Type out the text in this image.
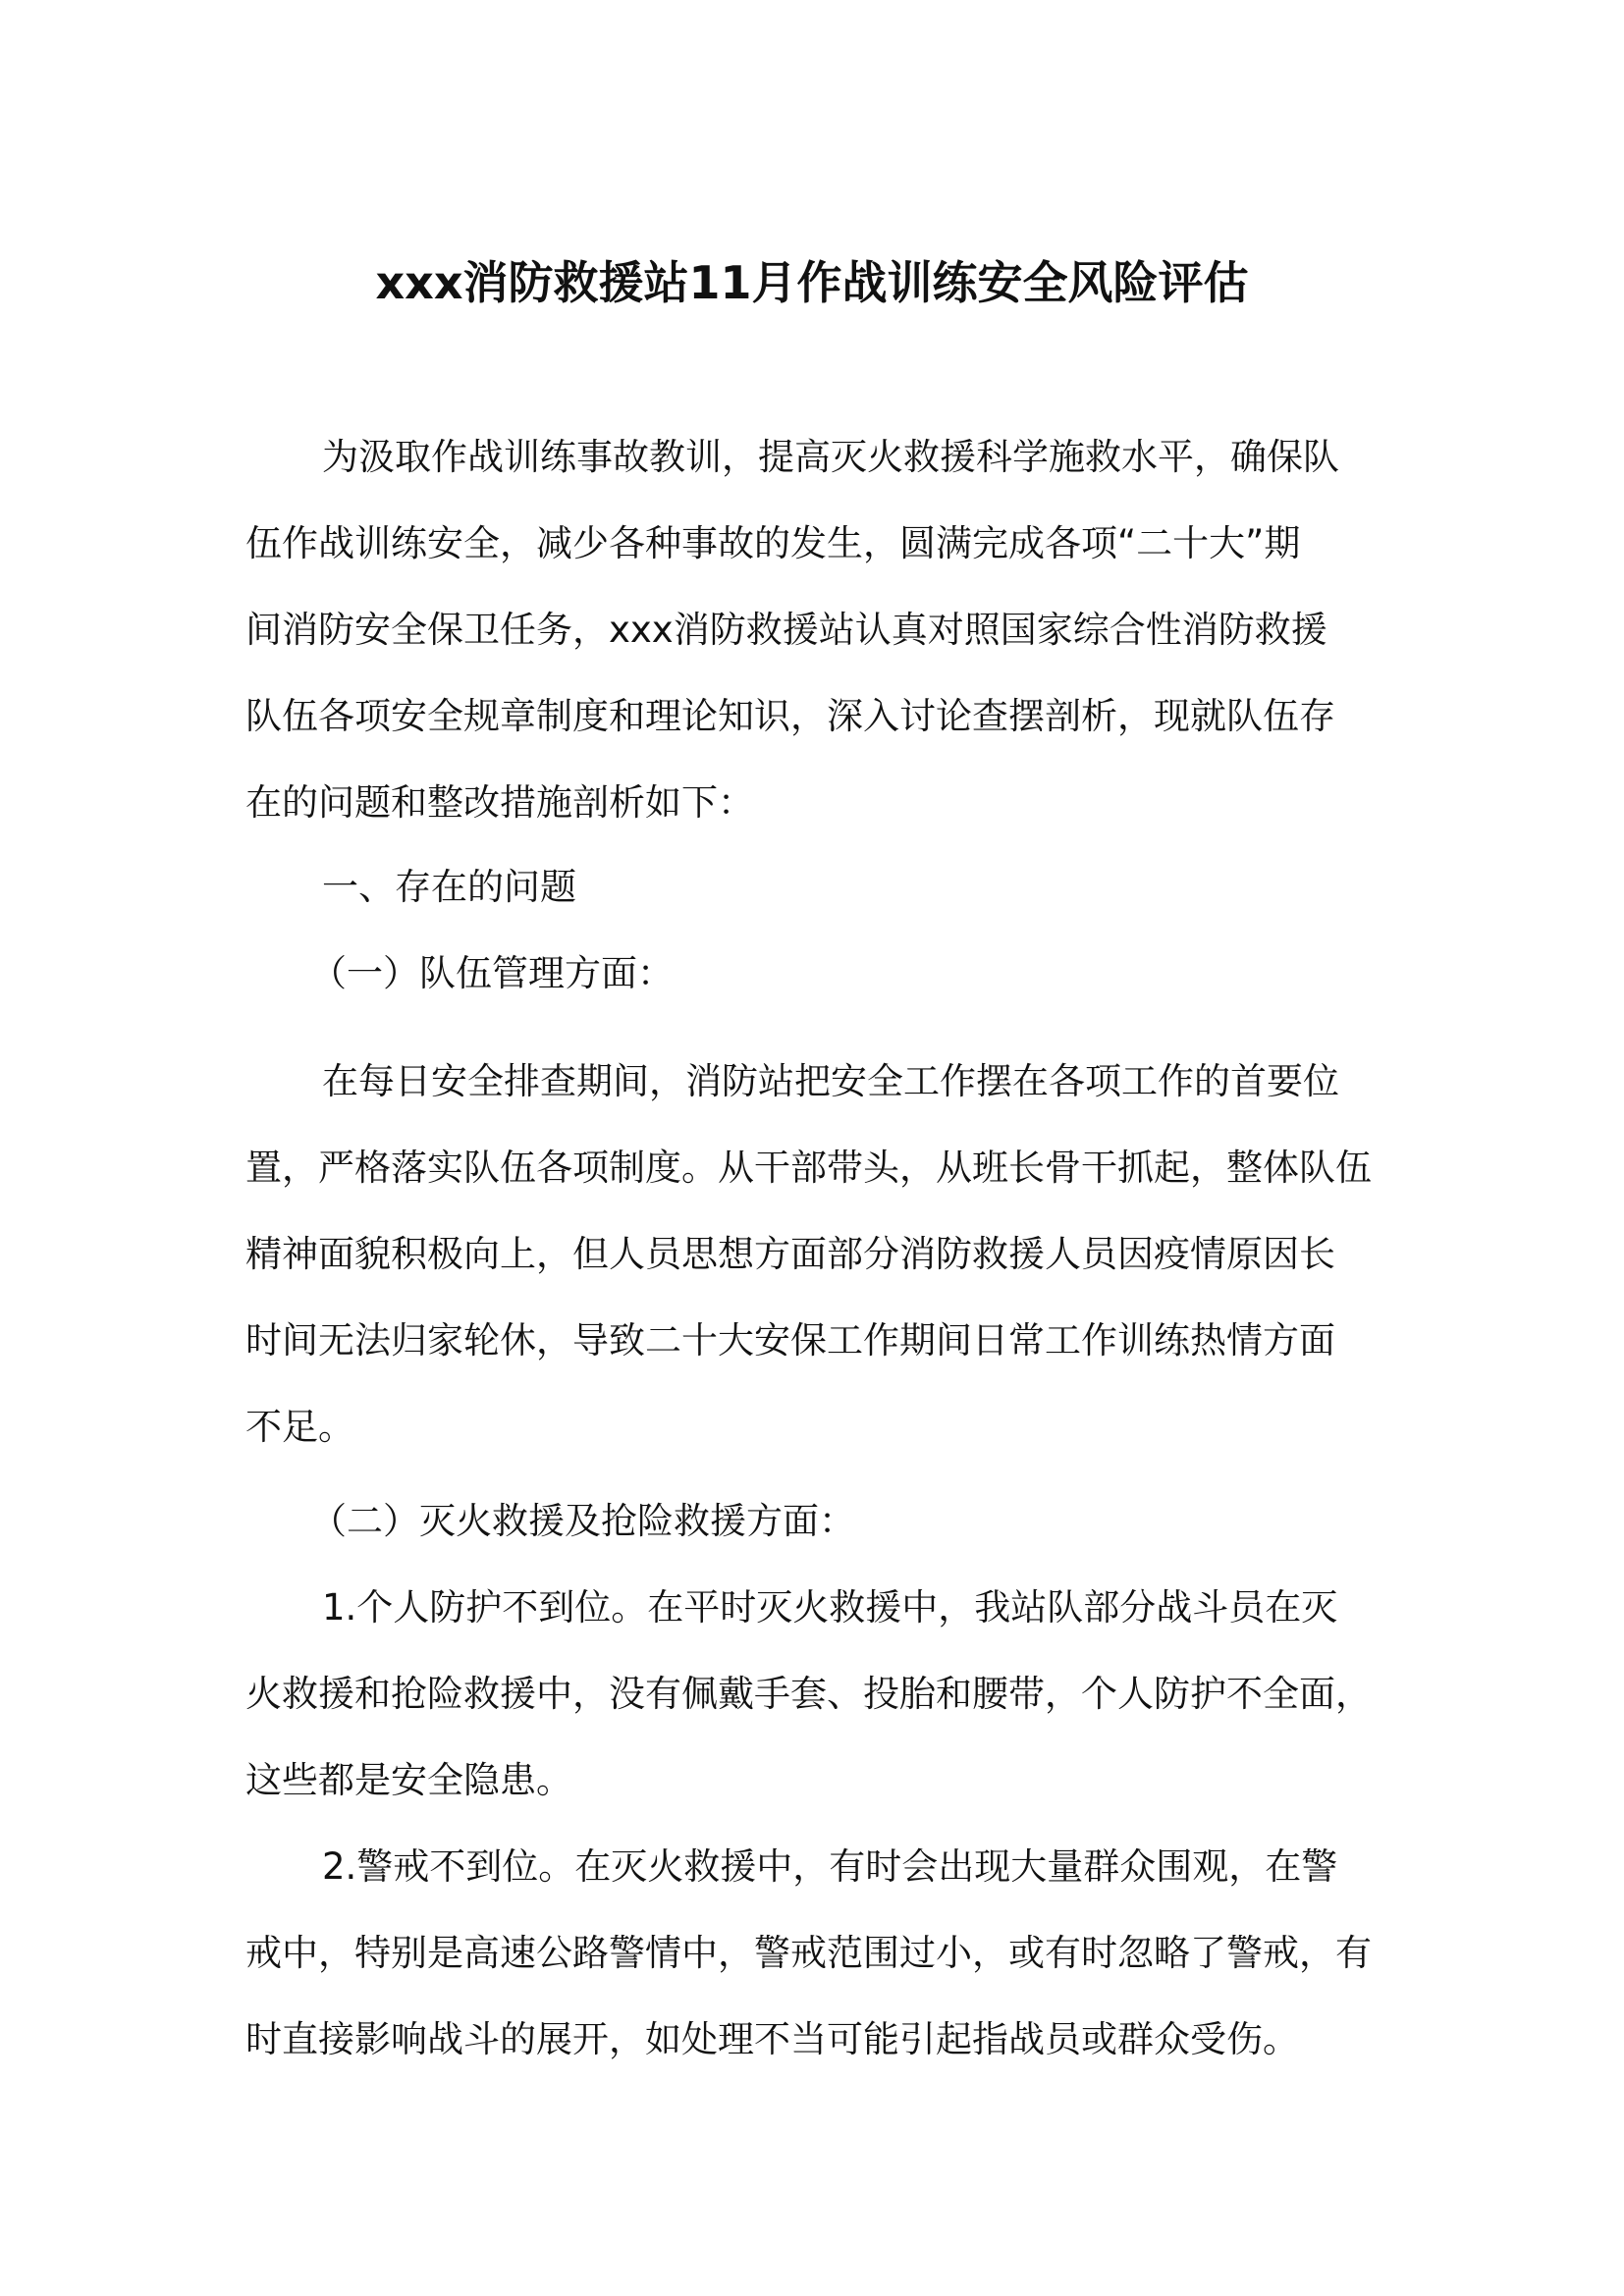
xxx消防救援站11月作战训练安全风险评估
为汲取作战训练事故教训，提高灭火救援科学施救水平，确保队
伍作战训练安全，减少各种事故的发生，圆满完成各项“二十大”期
间消防安全保卫任务，xxx消防救援站认真对照国家综合性消防救援
队伍各项安全规章制度和理论知识，深入讨论查摆剖析，现就队伍存
在的问题和整改措施剖析如下：
一、存在的问题
（一）队伍管理方面：
在每日安全排查期间，消防站把安全工作摆在各项工作的首要位
置，严格落实队伍各项制度。从干部带头，从班长骨干抓起，整体队伍
精神面貌积极向上，但人员思想方面部分消防救援人员因疫情原因长
时间无法归家轮休，导致二十大安保工作期间日常工作训练热情方面
不足。
（二）灭火救援及抢险救援方面：
1.个人防护不到位。在平时灭火救援中，我站队部分战斗员在灭
火救援和抢险救援中，没有佩戴手套、投胎和腰带，个人防护不全面，
这些都是安全隐患。
2.警戒不到位。在灭火救援中，有时会出现大量群众围观，在警
戒中，特别是高速公路警情中，警戒范围过小，或有时忽略了警戒，有
时直接影响战斗的展开，如处理不当可能引起指战员或群众受伤。
